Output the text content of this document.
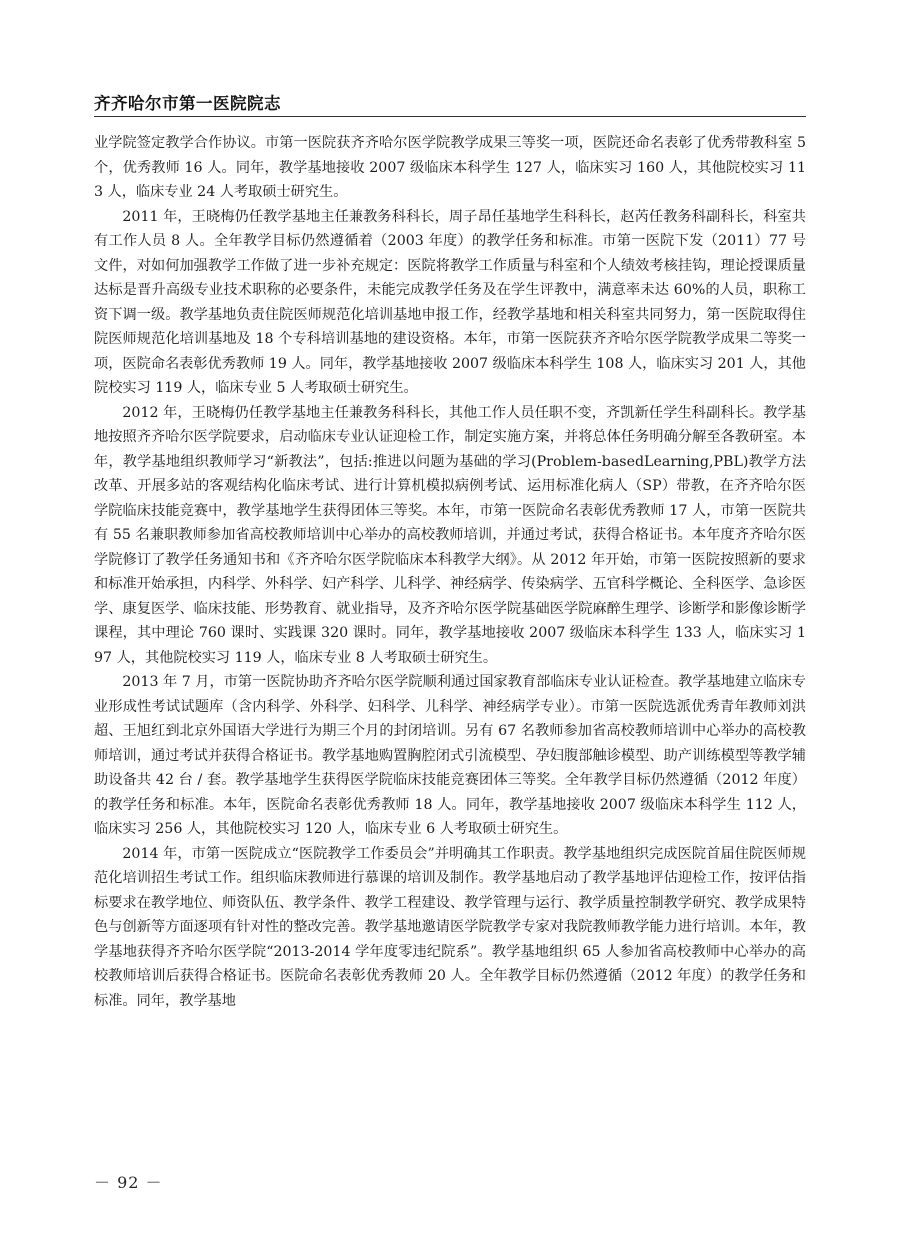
齐齐哈尔市第一医院院志

业学院签定教学合作协议。市第一医院获齐齐哈尔医学院教学成果三等奖一项，医院还命名表彰了优秀带教科室 5 个，优秀教师 16 人。同年，教学基地接收 2007 级临床本科学生 127 人，临床实习 160 人，其他院校实习 113 人，临床专业 24 人考取硕士研究生。

2011 年，王晓梅仍任教学基地主任兼教务科科长，周子昂任基地学生科科长，赵芮任教务科副科长，科室共有工作人员 8 人。全年教学目标仍然遵循着（2003 年度）的教学任务和标准。市第一医院下发（2011）77 号文件，对如何加强教学工作做了进一步补充规定：医院将教学工作质量与科室和个人绩效考核挂钩，理论授课质量达标是晋升高级专业技术职称的必要条件，未能完成教学任务及在学生评教中，满意率未达 60%的人员，职称工资下调一级。教学基地负责住院医师规范化培训基地申报工作，经教学基地和相关科室共同努力，第一医院取得住院医师规范化培训基地及 18 个专科培训基地的建设资格。本年，市第一医院获齐齐哈尔医学院教学成果二等奖一项，医院命名表彰优秀教师 19 人。同年，教学基地接收 2007 级临床本科学生 108 人，临床实习 201 人，其他院校实习 119 人，临床专业 5 人考取硕士研究生。

2012 年，王晓梅仍任教学基地主任兼教务科科长，其他工作人员任职不变，齐凯新任学生科副科长。教学基地按照齐齐哈尔医学院要求，启动临床专业认证迎检工作，制定实施方案，并将总体任务明确分解至各教研室。本年，教学基地组织教师学习“新教法”，包括:推进以问题为基础的学习(Problem-basedLearning,PBL)教学方法改革、开展多站的客观结构化临床考试、进行计算机模拟病例考试、运用标准化病人（SP）带教，在齐齐哈尔医学院临床技能竞赛中，教学基地学生获得团体三等奖。本年，市第一医院命名表彰优秀教师 17 人，市第一医院共有 55 名兼职教师参加省高校教师培训中心举办的高校教师培训，并通过考试，获得合格证书。本年度齐齐哈尔医学院修订了教学任务通知书和《齐齐哈尔医学院临床本科教学大纲》。从 2012 年开始，市第一医院按照新的要求和标准开始承担，内科学、外科学、妇产科学、儿科学、神经病学、传染病学、五官科学概论、全科医学、急诊医学、康复医学、临床技能、形势教育、就业指导，及齐齐哈尔医学院基础医学院麻醉生理学、诊断学和影像诊断学课程，其中理论 760 课时、实践课 320 课时。同年，教学基地接收 2007 级临床本科学生 133 人，临床实习 197 人，其他院校实习 119 人，临床专业 8 人考取硕士研究生。

2013 年 7 月，市第一医院协助齐齐哈尔医学院顺利通过国家教育部临床专业认证检查。教学基地建立临床专业形成性考试试题库（含内科学、外科学、妇科学、儿科学、神经病学专业）。市第一医院选派优秀青年教师刘洪超、王旭红到北京外国语大学进行为期三个月的封闭培训。另有 67 名教师参加省高校教师培训中心举办的高校教师培训，通过考试并获得合格证书。教学基地购置胸腔闭式引流模型、孕妇腹部触诊模型、助产训练模型等教学辅助设备共 42 台 / 套。教学基地学生获得医学院临床技能竞赛团体三等奖。全年教学目标仍然遵循（2012 年度）的教学任务和标准。本年，医院命名表彰优秀教师 18 人。同年，教学基地接收 2007 级临床本科学生 112 人，临床实习 256 人，其他院校实习 120 人，临床专业 6 人考取硕士研究生。

2014 年，市第一医院成立“医院教学工作委员会”并明确其工作职责。教学基地组织完成医院首届住院医师规范化培训招生考试工作。组织临床教师进行慕课的培训及制作。教学基地启动了教学基地评估迎检工作，按评估指标要求在教学地位、师资队伍、教学条件、教学工程建设、教学管理与运行、教学质量控制教学研究、教学成果特色与创新等方面逐项有针对性的整改完善。教学基地邀请医学院教学专家对我院教师教学能力进行培训。本年，教学基地获得齐齐哈尔医学院“2013-2014 学年度零违纪院系”。教学基地组织 65 人参加省高校教师中心举办的高校教师培训后获得合格证书。医院命名表彰优秀教师 20 人。全年教学目标仍然遵循（2012 年度）的教学任务和标准。同年，教学基地

－ 92 －
